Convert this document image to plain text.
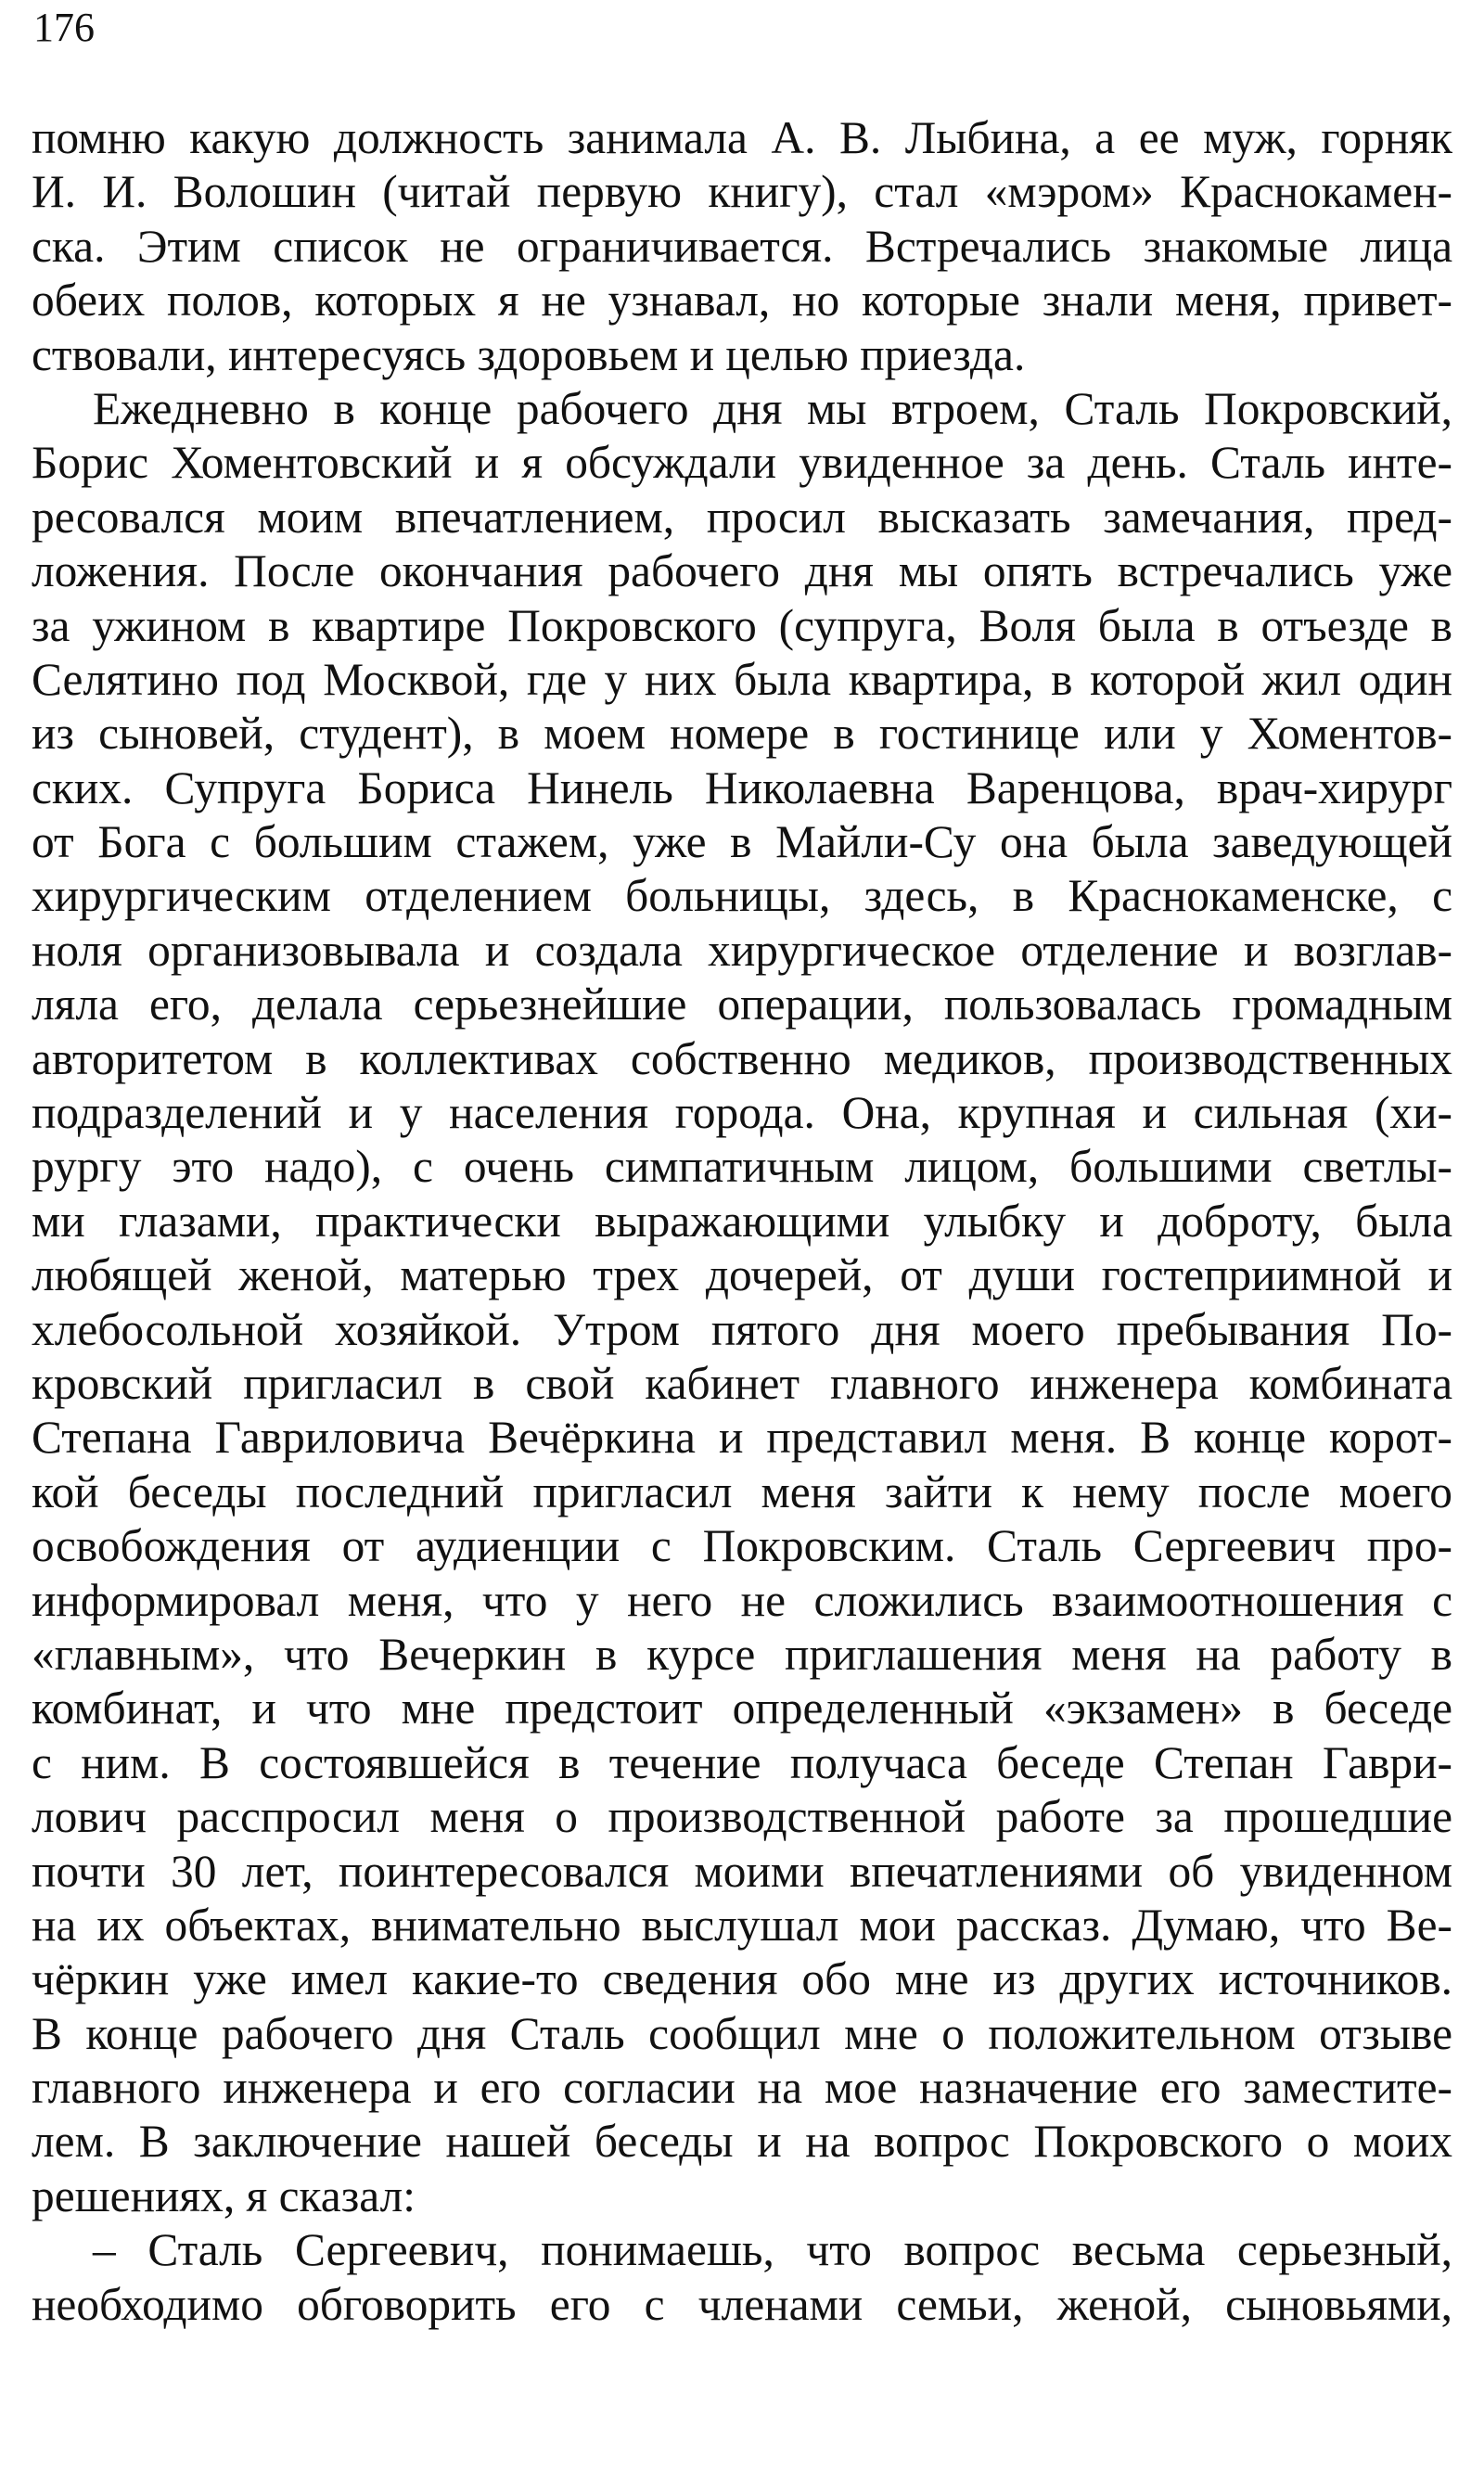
176
помню какую должность занимала А. В. Лыбина, а ее муж, горняк
И. И. Волошин (читай первую книгу), стал «мэром» Краснокамен-
ска. Этим список не ограничивается. Встречались знакомые лица
обеих полов, которых я не узнавал, но которые знали меня, привет-
ствовали, интересуясь здоровьем и целью приезда.
Ежедневно в конце рабочего дня мы втроем, Сталь Покровский,
Борис Хоментовский и я обсуждали увиденное за день. Сталь инте-
ресовался моим впечатлением, просил высказать замечания, пред-
ложения. После окончания рабочего дня мы опять встречались уже
за ужином в квартире Покровского (супруга, Воля была в отъезде в
Селятино под Москвой, где у них была квартира, в которой жил один
из сыновей, студент), в моем номере в гостинице или у Хоментов-
ских. Супруга Бориса Нинель Николаевна Варенцова, врач-хирург
от Бога с большим стажем, уже в Майли-Су она была заведующей
хирургическим отделением больницы, здесь, в Краснокаменске, с
ноля организовывала и создала хирургическое отделение и возглав-
ляла его, делала серьезнейшие операции, пользовалась громадным
авторитетом в коллективах собственно медиков, производственных
подразделений и у населения города. Она, крупная и сильная (хи-
рургу это надо), с очень симпатичным лицом, большими светлы-
ми глазами, практически выражающими улыбку и доброту, была
любящей женой, матерью трех дочерей, от души гостеприимной и
хлебосольной хозяйкой. Утром пятого дня моего пребывания По-
кровский пригласил в свой кабинет главного инженера комбината
Степана Гавриловича Вечёркина и представил меня. В конце корот-
кой беседы последний пригласил меня зайти к нему после моего
освобождения от аудиенции с Покровским. Сталь Сергеевич про-
информировал меня, что у него не сложились взаимоотношения с
«главным», что Вечеркин в курсе приглашения меня на работу в
комбинат, и что мне предстоит определенный «экзамен» в беседе
с ним. В состоявшейся в течение получаса беседе Степан Гаври-
лович расспросил меня о производственной работе за прошедшие
почти 30 лет, поинтересовался моими впечатлениями об увиденном
на их объектах, внимательно выслушал мои рассказ. Думаю, что Ве-
чёркин уже имел какие-то сведения обо мне из других источников.
В конце рабочего дня Сталь сообщил мне о положительном отзыве
главного инженера и его согласии на мое назначение его заместите-
лем. В заключение нашей беседы и на вопрос Покровского о моих
решениях, я сказал:
– Сталь Сергеевич, понимаешь, что вопрос весьма серьезный,
необходимо обговорить его с членами семьи, женой, сыновьями,
